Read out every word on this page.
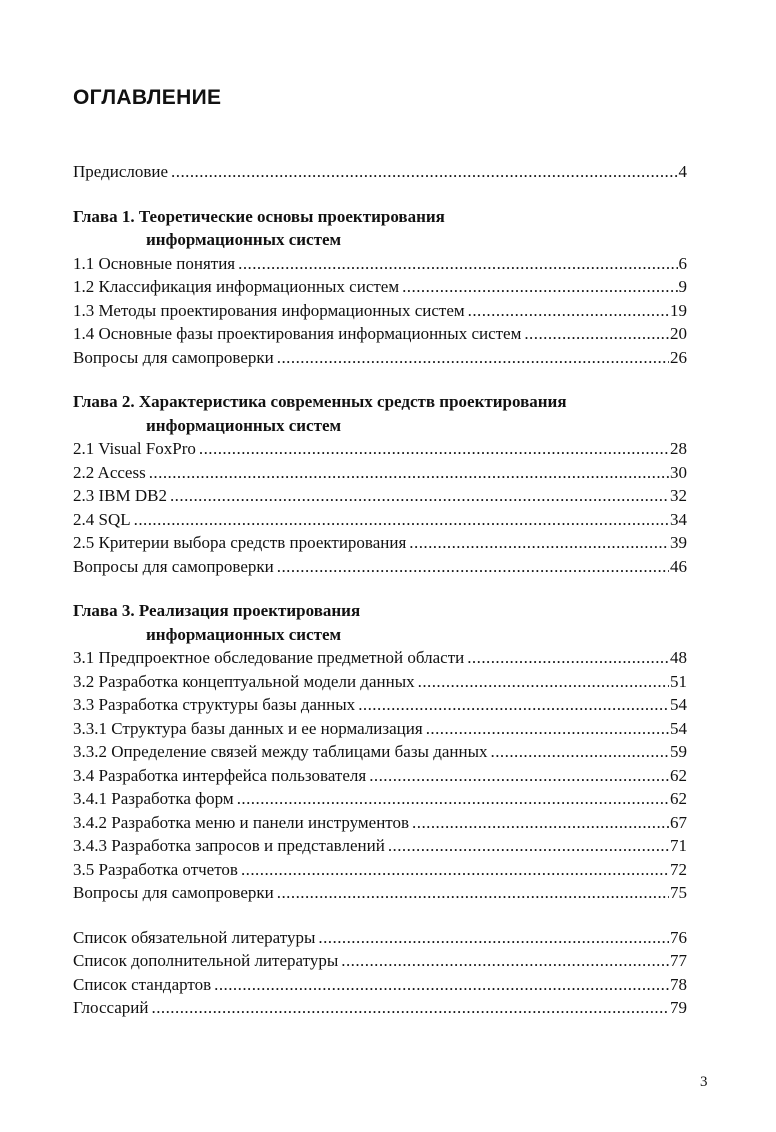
ОГЛАВЛЕНИЕ
Предисловие . . .	4
Глава 1. Теоретические основы проектирования
информационных систем
1.1 Основные понятия . . .	6
1.2 Классификация информационных систем . . .	9
1.3 Методы проектирования информационных систем . . .	19
1.4 Основные фазы проектирования информационных систем . . .	20
Вопросы для самопроверки . . .	26
Глава 2. Характеристика современных средств проектирования
информационных систем
2.1 Visual FoxPro . . .	28
2.2 Access . . .	30
2.3 IBM DB2 . . .	32
2.4 SQL . . .	34
2.5 Критерии выбора средств проектирования . . .	39
Вопросы для самопроверки . . .	46
Глава 3. Реализация проектирования
информационных систем
3.1 Предпроектное обследование предметной области . . .	48
3.2 Разработка концептуальной модели данных . . .	51
3.3 Разработка структуры базы данных . . .	54
3.3.1 Структура базы данных и ее нормализация . . .	54
3.3.2 Определение связей между таблицами базы данных . . .	59
3.4 Разработка интерфейса пользователя . . .	62
3.4.1 Разработка форм . . .	62
3.4.2 Разработка меню и панели инструментов . . .	67
3.4.3 Разработка запросов и представлений . . .	71
3.5 Разработка отчетов . . .	72
Вопросы для самопроверки . . .	75
Список обязательной литературы . . .	76
Список дополнительной литературы . . .	77
Список стандартов . . .	78
Глоссарий . . .	79
3
